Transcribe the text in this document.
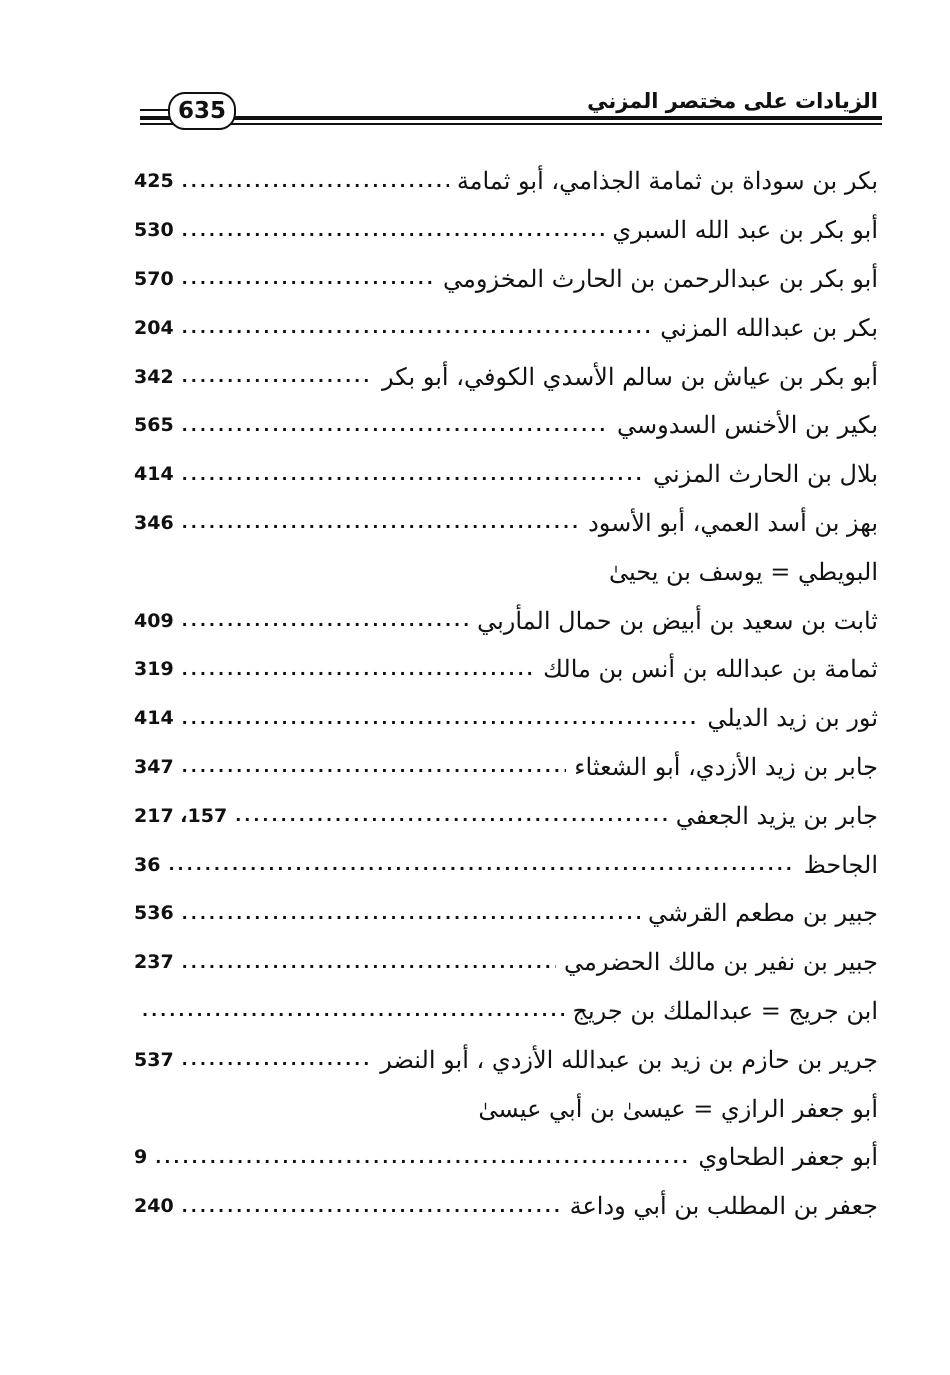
635	الزيادات على مختصر المزني
بكر بن سوداة بن ثمامة الجذامي، أبو ثمامة
.....
425
أبو بكر بن عبد الله السبري
.....
530
أبو بكر بن عبدالرحمن بن الحارث المخزومي
.....
570
بكر بن عبدالله المزني
.....
204
أبو بكر بن عياش بن سالم الأسدي الكوفي، أبو بكر
.....
342
بكير بن الأخنس السدوسي
.....
565
بلال بن الحارث المزني
.....
414
بهز بن أسد العمي، أبو الأسود
.....
346
البويطي = يوسف بن يحيىٰ
ثابت بن سعيد بن أبيض بن حمال المأربي
.....
409
ثمامة بن عبدالله بن أنس بن مالك
.....
319
ثور بن زيد الديلي
.....
414
جابر بن زيد الأزدي، أبو الشعثاء
.....
347
جابر بن يزيد الجعفي
.....
157، 217
الجاحظ
.....
36
جبير بن مطعم القرشي
.....
536
جبير بن نفير بن مالك الحضرمي
.....
237
ابن جريج = عبدالملك بن جريج
.....
جرير بن حازم بن زيد بن عبدالله الأزدي ، أبو النضر
.....
537
أبو جعفر الرازي = عيسىٰ بن أبي عيسىٰ
أبو جعفر الطحاوي
.....
9
جعفر بن المطلب بن أبي وداعة
.....
240
